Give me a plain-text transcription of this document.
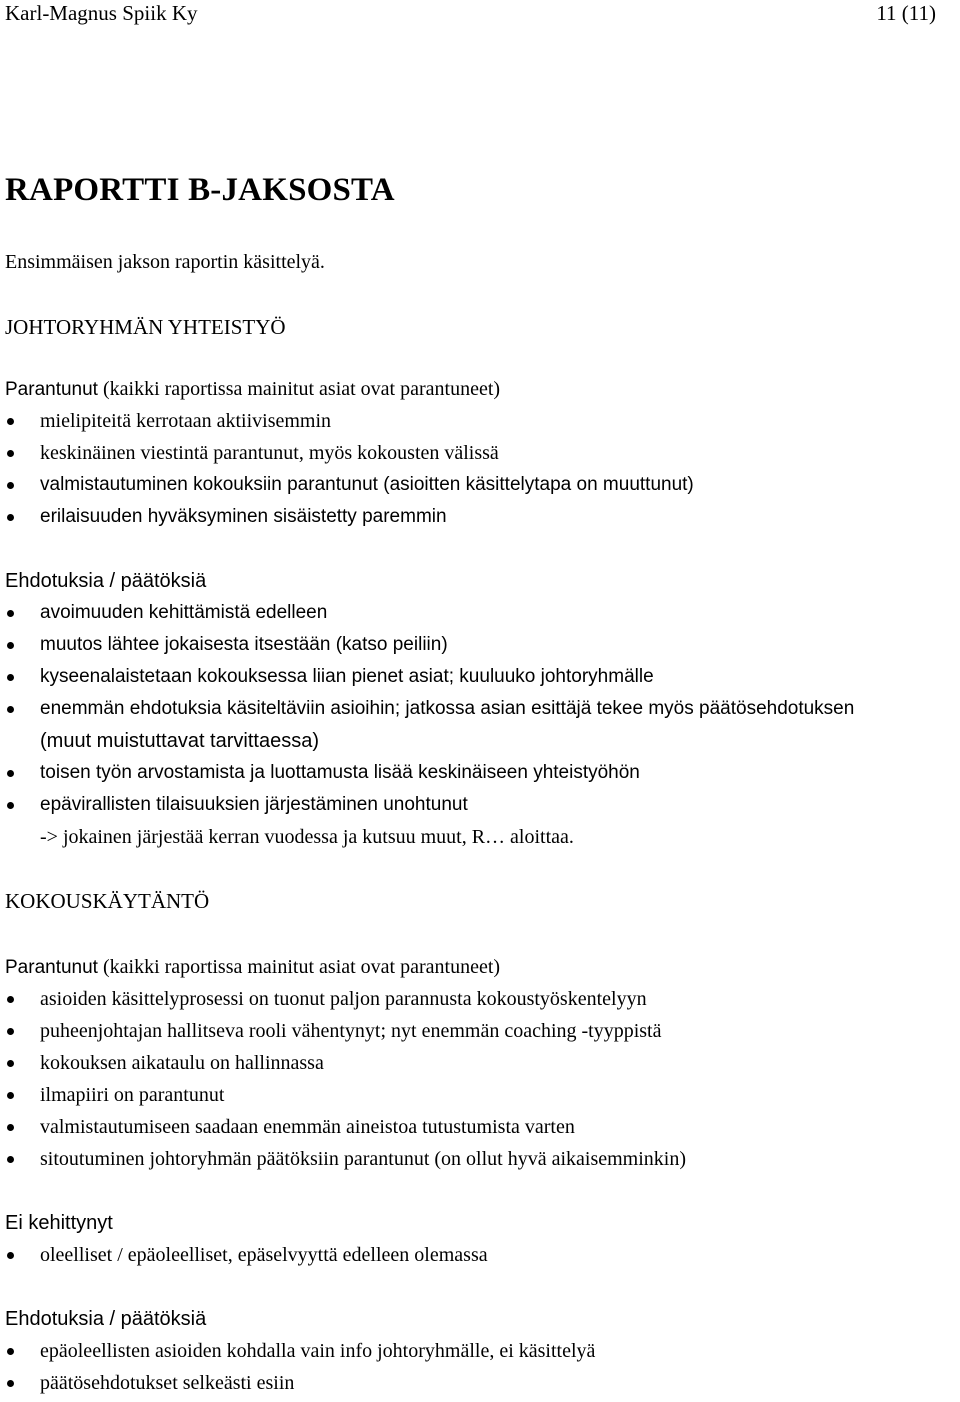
Karl-Magnus Spiik Ky	11 (11)
RAPORTTI B-JAKSOSTA
Ensimmäisen jakson raportin käsittelyä.
JOHTORYHMÄN YHTEISTYÖ
Parantunut (kaikki raportissa mainitut asiat ovat parantuneet)
mielipiteitä kerrotaan aktiivisemmin
keskinäinen viestintä parantunut, myös kokousten välissä
valmistautuminen kokouksiin parantunut (asioitten käsittelytapa on muuttunut)
erilaisuuden hyväksyminen sisäistetty paremmin
Ehdotuksia / päätöksiä
avoimuuden kehittämistä edelleen
muutos lähtee jokaisesta itsestään (katso peiliin)
kyseenalaistetaan kokouksessa liian pienet asiat; kuuluuko johtoryhmälle
enemmän ehdotuksia käsiteltäviin asioihin; jatkossa asian esittäjä tekee myös päätösehdotuksen
(muut muistuttavat tarvittaessa)
toisen työn arvostamista ja luottamusta lisää keskinäiseen yhteistyöhön
epävirallisten tilaisuuksien järjestäminen unohtunut
-> jokainen järjestää kerran vuodessa ja kutsuu muut, R… aloittaa.
KOKOUSKÄYTÄNTÖ
Parantunut (kaikki raportissa mainitut asiat ovat parantuneet)
asioiden käsittelyprosessi on tuonut paljon parannusta kokoustyöskentelyyn
puheenjohtajan hallitseva rooli vähentynyt; nyt enemmän coaching -tyyppistä
kokouksen aikataulu on hallinnassa
ilmapiiri on parantunut
valmistautumiseen saadaan enemmän aineistoa tutustumista varten
sitoutuminen johtoryhmän päätöksiin parantunut (on ollut hyvä aikaisemminkin)
Ei kehittynyt
oleelliset / epäoleelliset, epäselvyyttä edelleen olemassa
Ehdotuksia / päätöksiä
epäoleellisten asioiden kohdalla vain info johtoryhmälle, ei käsittelyä
päätösehdotukset selkeästi esiin
